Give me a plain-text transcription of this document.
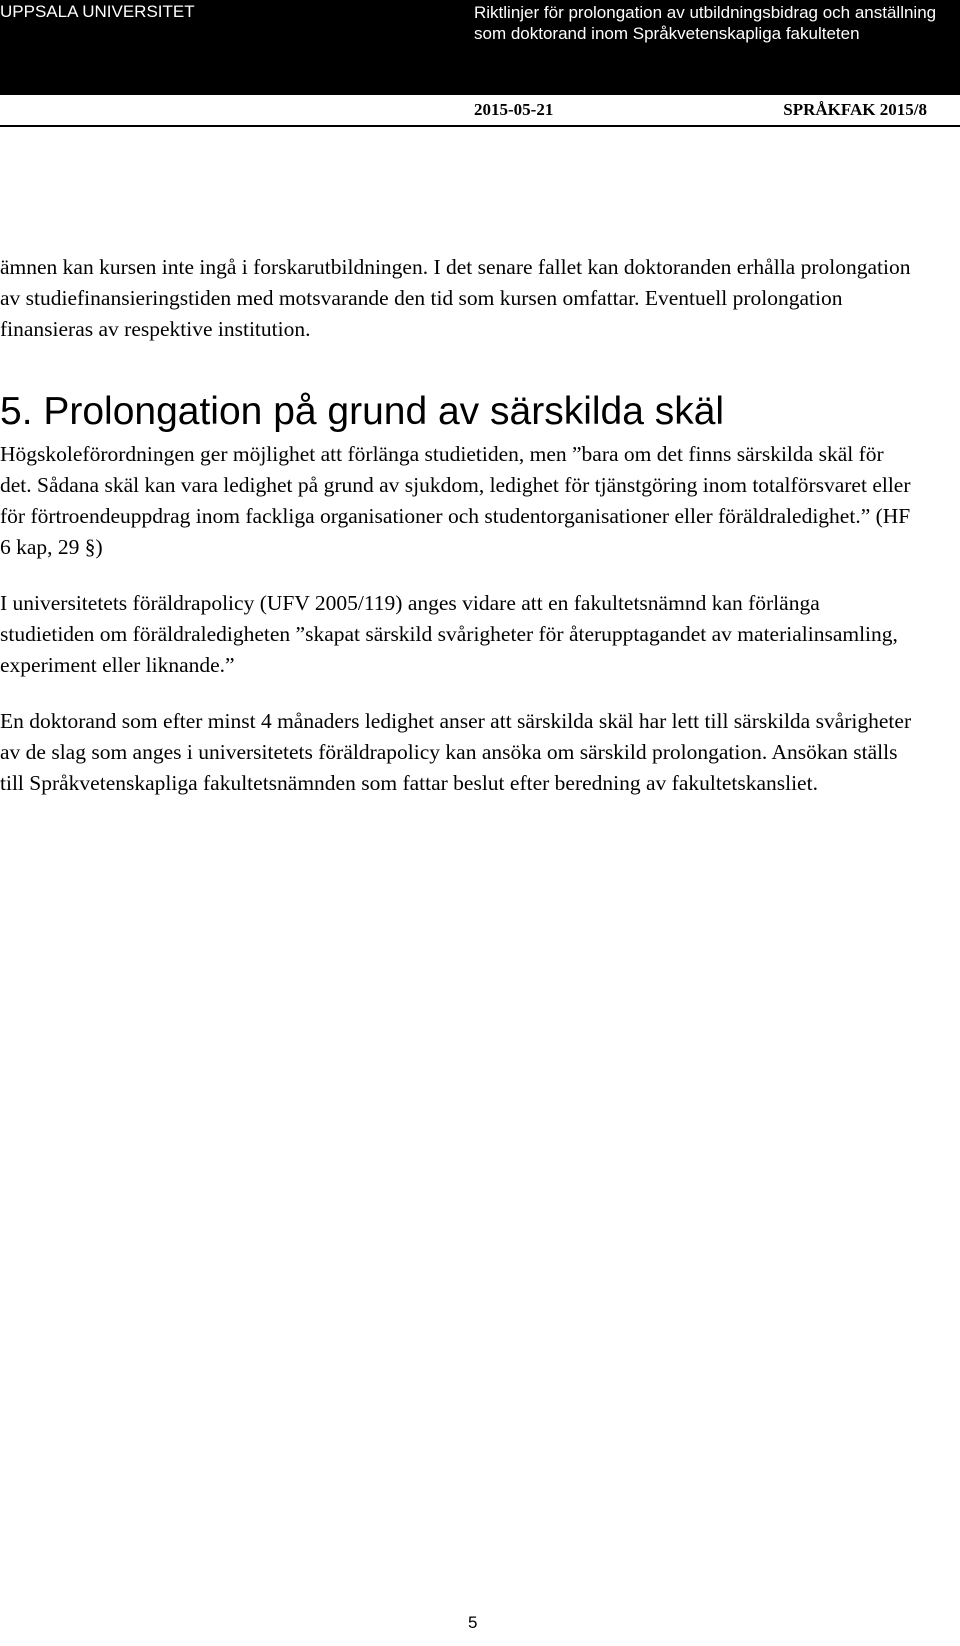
UPPSALA UNIVERSITET	Riktlinjer för prolongation av utbildningsbidrag och anställning som doktorand inom Språkvetenskapliga fakulteten
2015-05-21	SPRÅKFAK 2015/8

ämnen kan kursen inte ingå i forskarutbildningen. I det senare fallet kan doktoranden erhålla prolongation av studiefinansieringstiden med motsvarande den tid som kursen omfattar. Eventuell prolongation finansieras av respektive institution.

5. Prolongation på grund av särskilda skäl

Högskoleförordningen ger möjlighet att förlänga studietiden, men ”bara om det finns särskilda skäl för det. Sådana skäl kan vara ledighet på grund av sjukdom, ledighet för tjänstgöring inom totalförsvaret eller för förtroendeuppdrag inom fackliga organisationer och studentorganisationer eller föräldraledighet.” (HF 6 kap, 29 §)

I universitetets föräldrapolicy (UFV 2005/119) anges vidare att en fakultetsnämnd kan förlänga studietiden om föräldraledigheten ”skapat särskild svårigheter för återupptagandet av materialinsamling, experiment eller liknande.”

En doktorand som efter minst 4 månaders ledighet anser att särskilda skäl har lett till särskilda svårigheter av de slag som anges i universitetets föräldrapolicy kan ansöka om särskild prolongation. Ansökan ställs till Språkvetenskapliga fakultetsnämnden som fattar beslut efter beredning av fakultetskansliet.

5
